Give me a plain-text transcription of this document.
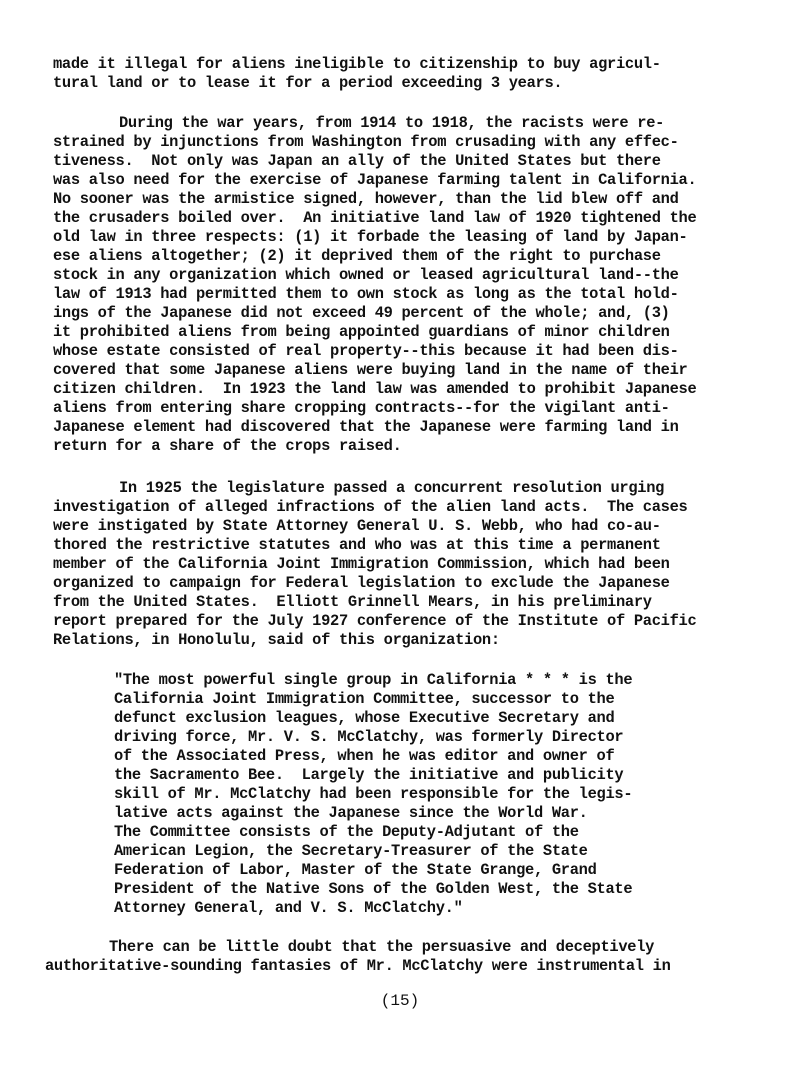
made it illegal for aliens ineligible to citizenship to buy agricul-
tural land or to lease it for a period exceeding 3 years.
During the war years, from 1914 to 1918, the racists were re-
strained by injunctions from Washington from crusading with any effec-
tiveness.  Not only was Japan an ally of the United States but there
was also need for the exercise of Japanese farming talent in California.
No sooner was the armistice signed, however, than the lid blew off and
the crusaders boiled over.  An initiative land law of 1920 tightened the
old law in three respects: (1) it forbade the leasing of land by Japan-
ese aliens altogether; (2) it deprived them of the right to purchase
stock in any organization which owned or leased agricultural land--the
law of 1913 had permitted them to own stock as long as the total hold-
ings of the Japanese did not exceed 49 percent of the whole; and, (3)
it prohibited aliens from being appointed guardians of minor children
whose estate consisted of real property--this because it had been dis-
covered that some Japanese aliens were buying land in the name of their
citizen children.  In 1923 the land law was amended to prohibit Japanese
aliens from entering share cropping contracts--for the vigilant anti-
Japanese element had discovered that the Japanese were farming land in
return for a share of the crops raised.
In 1925 the legislature passed a concurrent resolution urging
investigation of alleged infractions of the alien land acts.  The cases
were instigated by State Attorney General U. S. Webb, who had co-au-
thored the restrictive statutes and who was at this time a permanent
member of the California Joint Immigration Commission, which had been
organized to campaign for Federal legislation to exclude the Japanese
from the United States.  Elliott Grinnell Mears, in his preliminary
report prepared for the July 1927 conference of the Institute of Pacific
Relations, in Honolulu, said of this organization:
"The most powerful single group in California * * * is the
California Joint Immigration Committee, successor to the
defunct exclusion leagues, whose Executive Secretary and
driving force, Mr. V. S. McClatchy, was formerly Director
of the Associated Press, when he was editor and owner of
the Sacramento Bee.  Largely the initiative and publicity
skill of Mr. McClatchy had been responsible for the legis-
lative acts against the Japanese since the World War.
The Committee consists of the Deputy-Adjutant of the
American Legion, the Secretary-Treasurer of the State
Federation of Labor, Master of the State Grange, Grand
President of the Native Sons of the Golden West, the State
Attorney General, and V. S. McClatchy."
There can be little doubt that the persuasive and deceptively
authoritative-sounding fantasies of Mr. McClatchy were instrumental in
(15)
